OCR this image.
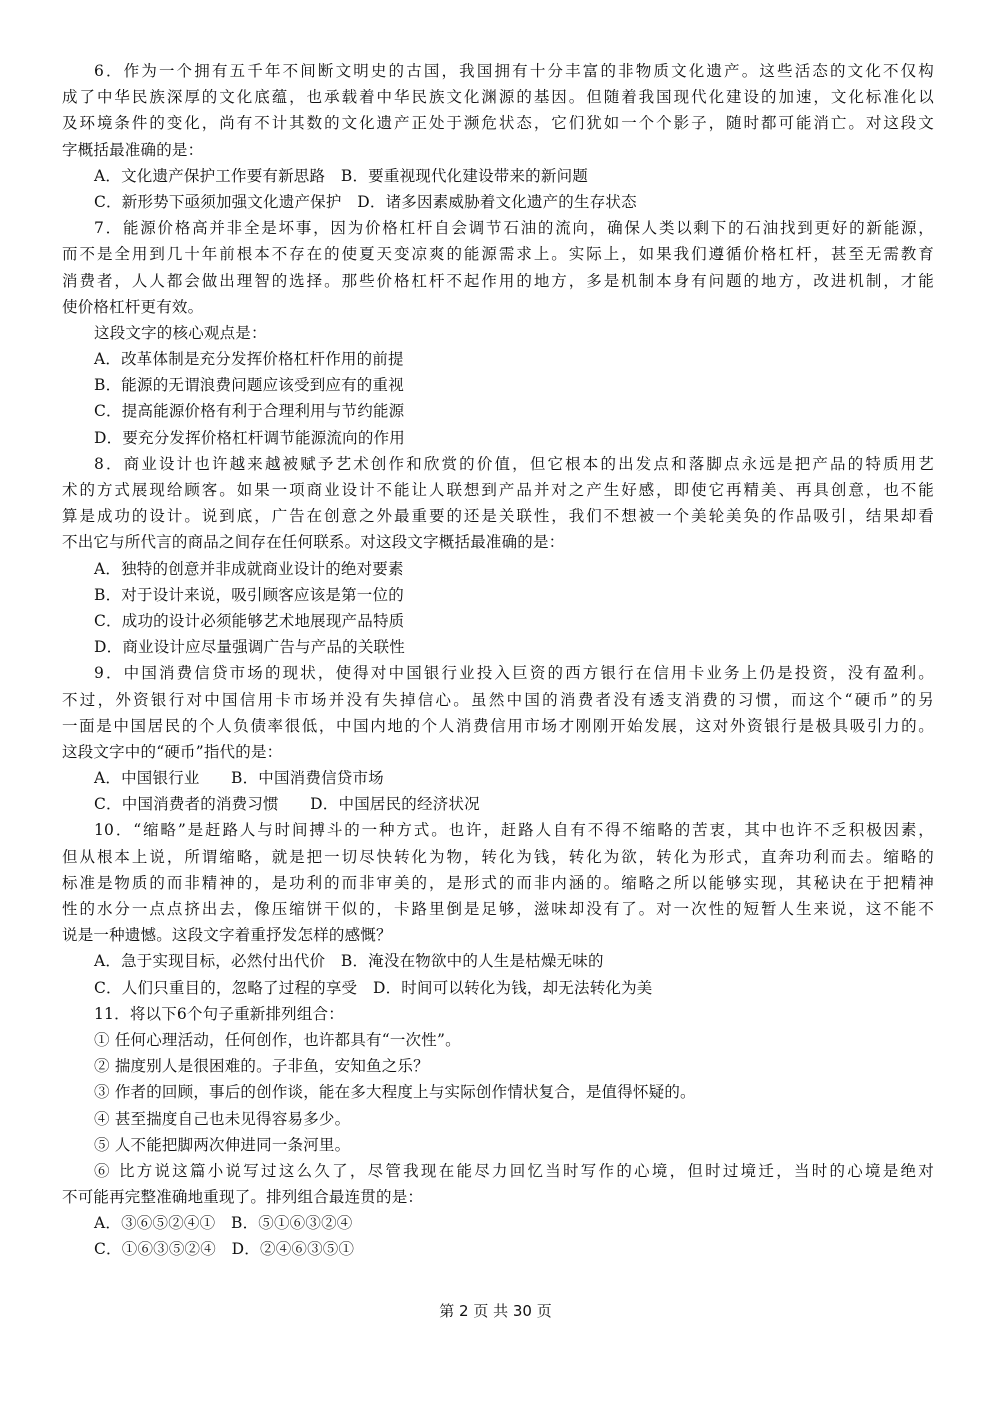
6．作为一个拥有五千年不间断文明史的古国，我国拥有十分丰富的非物质文化遗产。这些活态的文化不仅构
成了中华民族深厚的文化底蕴，也承载着中华民族文化渊源的基因。但随着我国现代化建设的加速，文化标准化以
及环境条件的变化，尚有不计其数的文化遗产正处于濒危状态，它们犹如一个个影子，随时都可能消亡。对这段文
字概括最准确的是：
A．文化遗产保护工作要有新思路　B．要重视现代化建设带来的新问题
C．新形势下亟须加强文化遗产保护　D．诸多因素威胁着文化遗产的生存状态
7．能源价格高并非全是坏事，因为价格杠杆自会调节石油的流向，确保人类以剩下的石油找到更好的新能源，
而不是全用到几十年前根本不存在的使夏天变凉爽的能源需求上。实际上，如果我们遵循价格杠杆，甚至无需教育
消费者，人人都会做出理智的选择。那些价格杠杆不起作用的地方，多是机制本身有问题的地方，改进机制，才能
使价格杠杆更有效。
这段文字的核心观点是：
A．改革体制是充分发挥价格杠杆作用的前提
B．能源的无谓浪费问题应该受到应有的重视
C．提高能源价格有利于合理利用与节约能源
D．要充分发挥价格杠杆调节能源流向的作用
8．商业设计也许越来越被赋予艺术创作和欣赏的价值，但它根本的出发点和落脚点永远是把产品的特质用艺
术的方式展现给顾客。如果一项商业设计不能让人联想到产品并对之产生好感，即使它再精美、再具创意，也不能
算是成功的设计。说到底，广告在创意之外最重要的还是关联性，我们不想被一个美轮美奂的作品吸引，结果却看
不出它与所代言的商品之间存在任何联系。对这段文字概括最准确的是：
A．独特的创意并非成就商业设计的绝对要素
B．对于设计来说，吸引顾客应该是第一位的
C．成功的设计必须能够艺术地展现产品特质
D．商业设计应尽量强调广告与产品的关联性
9．中国消费信贷市场的现状，使得对中国银行业投入巨资的西方银行在信用卡业务上仍是投资，没有盈利。
不过，外资银行对中国信用卡市场并没有失掉信心。虽然中国的消费者没有透支消费的习惯，而这个“硬币”的另
一面是中国居民的个人负债率很低，中国内地的个人消费信用市场才刚刚开始发展，这对外资银行是极具吸引力的。
这段文字中的“硬币”指代的是：
A．中国银行业　　B．中国消费信贷市场
C．中国消费者的消费习惯　　D．中国居民的经济状况
10．“缩略”是赶路人与时间搏斗的一种方式。也许，赶路人自有不得不缩略的苦衷，其中也许不乏积极因素，
但从根本上说，所谓缩略，就是把一切尽快转化为物，转化为钱，转化为欲，转化为形式，直奔功利而去。缩略的
标准是物质的而非精神的，是功利的而非审美的，是形式的而非内涵的。缩略之所以能够实现，其秘诀在于把精神
性的水分一点点挤出去，像压缩饼干似的，卡路里倒是足够，滋味却没有了。对一次性的短暂人生来说，这不能不
说是一种遗憾。这段文字着重抒发怎样的感慨？
A．急于实现目标，必然付出代价　B．淹没在物欲中的人生是枯燥无味的
C．人们只重目的，忽略了过程的享受　D．时间可以转化为钱，却无法转化为美
11．将以下6个句子重新排列组合：
① 任何心理活动，任何创作，也许都具有“一次性”。
② 揣度别人是很困难的。子非鱼，安知鱼之乐？
③ 作者的回顾，事后的创作谈，能在多大程度上与实际创作情状复合，是值得怀疑的。
④ 甚至揣度自己也未见得容易多少。
⑤ 人不能把脚两次伸进同一条河里。
⑥ 比方说这篇小说写过这么久了，尽管我现在能尽力回忆当时写作的心境，但时过境迁，当时的心境是绝对
不可能再完整准确地重现了。排列组合最连贯的是：
A．③⑥⑤②④①　B．⑤①⑥③②④
C．①⑥③⑤②④　D．②④⑥③⑤①
第 2 页 共 30 页
